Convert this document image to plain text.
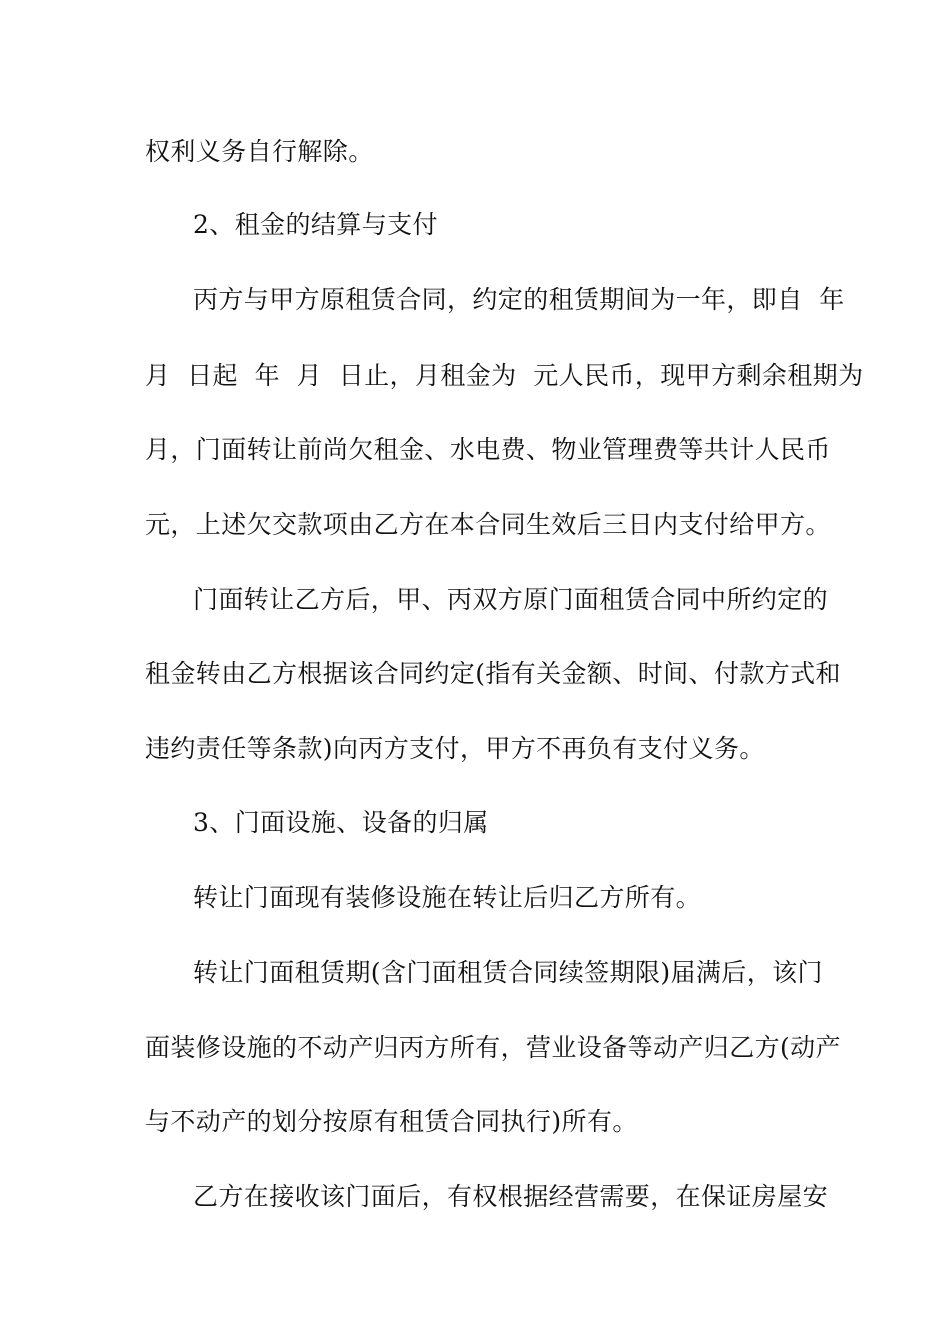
权利义务自行解除。
2、租金的结算与支付
丙方与甲方原租赁合同，约定的租赁期间为一年，即自  年
月  日起  年  月  日止，月租金为  元人民币，现甲方剩余租期为
月，门面转让前尚欠租金、水电费、物业管理费等共计人民币
元，上述欠交款项由乙方在本合同生效后三日内支付给甲方。
门面转让乙方后，甲、丙双方原门面租赁合同中所约定的
租金转由乙方根据该合同约定(指有关金额、时间、付款方式和
违约责任等条款)向丙方支付，甲方不再负有支付义务。
3、门面设施、设备的归属
转让门面现有装修设施在转让后归乙方所有。
转让门面租赁期(含门面租赁合同续签期限)届满后，该门
面装修设施的不动产归丙方所有，营业设备等动产归乙方(动产
与不动产的划分按原有租赁合同执行)所有。
乙方在接收该门面后，有权根据经营需要，在保证房屋安
